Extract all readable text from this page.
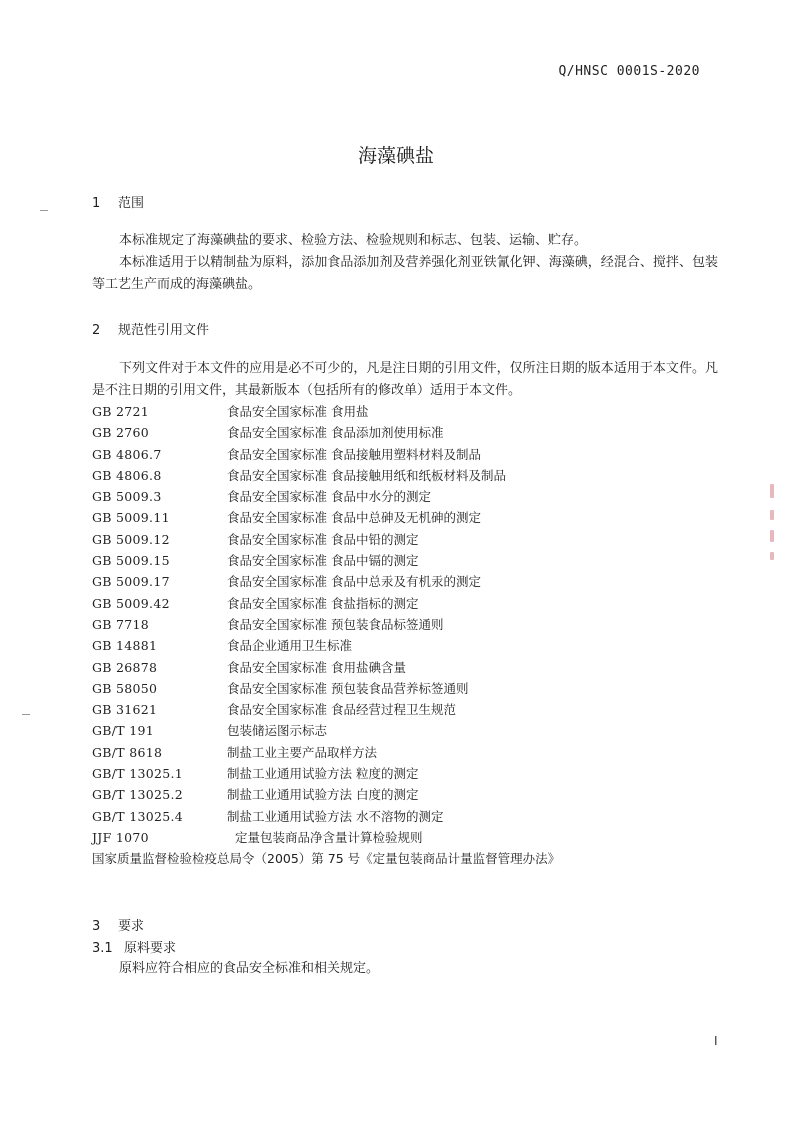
Q/HNSC 0001S-2020
海藻碘盐
1 范围
本标准规定了海藻碘盐的要求、检验方法、检验规则和标志、包装、运输、贮存。
本标准适用于以精制盐为原料，添加食品添加剂及营养强化剂亚铁氰化钾、海藻碘，经混合、搅拌、包装等工艺生产而成的海藻碘盐。
2 规范性引用文件
下列文件对于本文件的应用是必不可少的，凡是注日期的引用文件，仅所注日期的版本适用于本文件。凡是不注日期的引用文件，其最新版本（包括所有的修改单）适用于本文件。
GB 2721	食品安全国家标准 食用盐
GB 2760	食品安全国家标准 食品添加剂使用标准
GB 4806.7	食品安全国家标准 食品接触用塑料材料及制品
GB 4806.8	食品安全国家标准 食品接触用纸和纸板材料及制品
GB 5009.3	食品安全国家标准 食品中水分的测定
GB 5009.11	食品安全国家标准 食品中总砷及无机砷的测定
GB 5009.12	食品安全国家标准 食品中铅的测定
GB 5009.15	食品安全国家标准 食品中镉的测定
GB 5009.17	食品安全国家标准 食品中总汞及有机汞的测定
GB 5009.42	食品安全国家标准 食盐指标的测定
GB 7718	食品安全国家标准 预包装食品标签通则
GB 14881	食品企业通用卫生标准
GB 26878	食品安全国家标准 食用盐碘含量
GB 58050	食品安全国家标准 预包装食品营养标签通则
GB 31621	食品安全国家标准 食品经营过程卫生规范
GB/T 191	包装储运图示标志
GB/T 8618	制盐工业主要产品取样方法
GB/T 13025.1	制盐工业通用试验方法 粒度的测定
GB/T 13025.2	制盐工业通用试验方法 白度的测定
GB/T 13025.4	制盐工业通用试验方法 水不溶物的测定
JJF 1070	定量包装商品净含量计算检验规则
国家质量监督检验检疫总局令（2005）第 75 号《定量包装商品计量监督管理办法》
3 要求
3.1 原料要求
原料应符合相应的食品安全标准和相关规定。
I
